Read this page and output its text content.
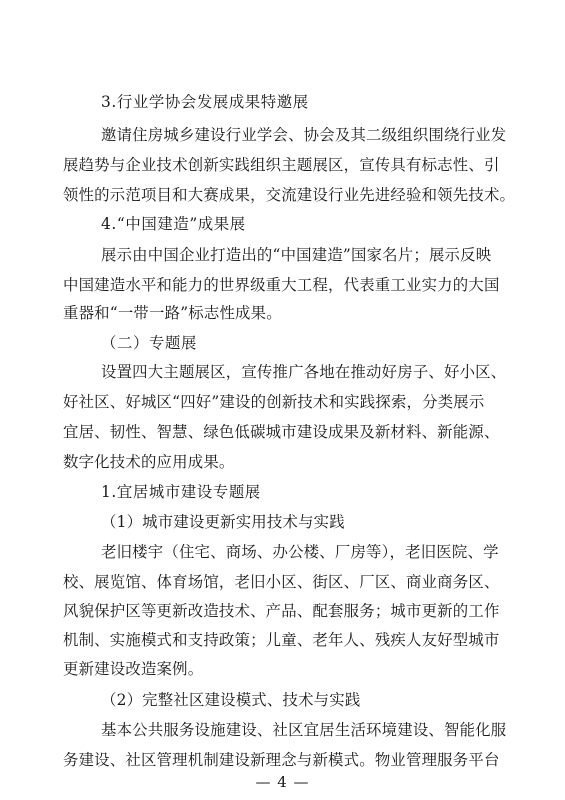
3.行业学协会发展成果特邀展
邀请住房城乡建设行业学会、协会及其二级组织围绕行业发
展趋势与企业技术创新实践组织主题展区，宣传具有标志性、引
领性的示范项目和大赛成果，交流建设行业先进经验和领先技术。
4.“中国建造”成果展
展示由中国企业打造出的“中国建造”国家名片；展示反映
中国建造水平和能力的世界级重大工程，代表重工业实力的大国
重器和“一带一路”标志性成果。
（二）专题展
设置四大主题展区，宣传推广各地在推动好房子、好小区、
好社区、好城区“四好”建设的创新技术和实践探索，分类展示
宜居、韧性、智慧、绿色低碳城市建设成果及新材料、新能源、
数字化技术的应用成果。
1.宜居城市建设专题展
（1）城市建设更新实用技术与实践
老旧楼宇（住宅、商场、办公楼、厂房等），老旧医院、学
校、展览馆、体育场馆，老旧小区、街区、厂区、商业商务区、
风貌保护区等更新改造技术、产品、配套服务；城市更新的工作
机制、实施模式和支持政策；儿童、老年人、残疾人友好型城市
更新建设改造案例。
（2）完整社区建设模式、技术与实践
基本公共服务设施建设、社区宜居生活环境建设、智能化服
务建设、社区管理机制建设新理念与新模式。物业管理服务平台
— 4 —
